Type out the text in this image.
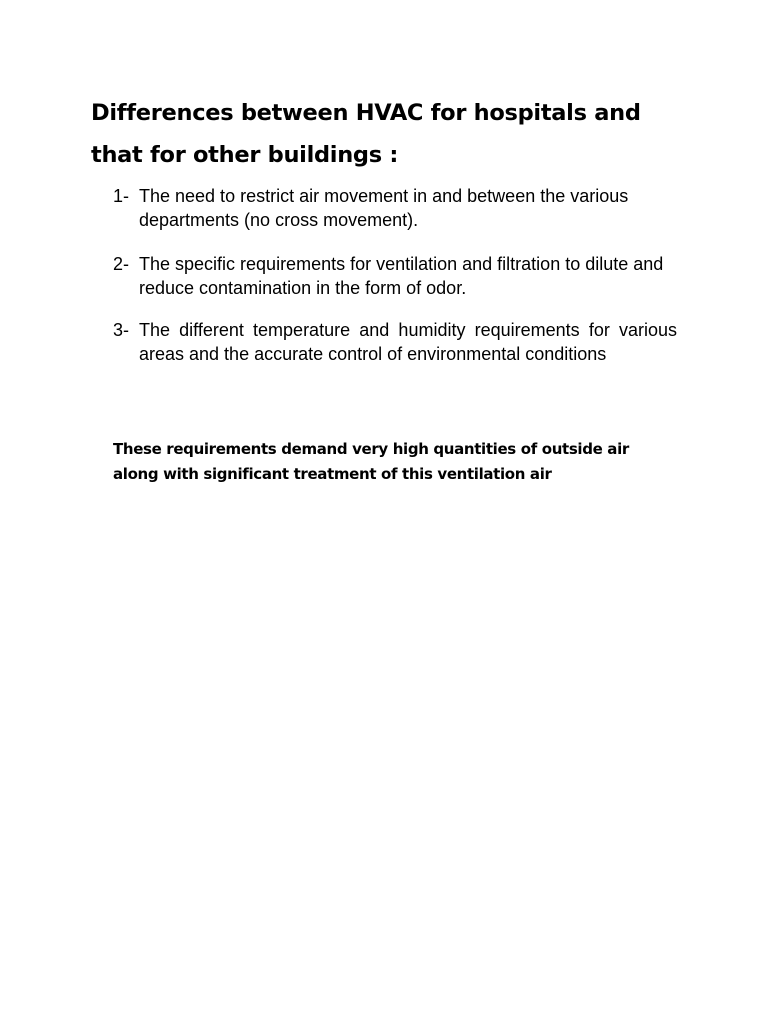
Differences between HVAC for hospitals and that for other buildings :
1- The need to restrict air movement in and between the various departments (no cross movement).
2- The specific requirements for ventilation and filtration to dilute and reduce contamination in the form of odor.
3- The different temperature and humidity requirements for various areas and the accurate control of environmental conditions

These requirements demand very high quantities of outside air along with significant treatment of this ventilation air
